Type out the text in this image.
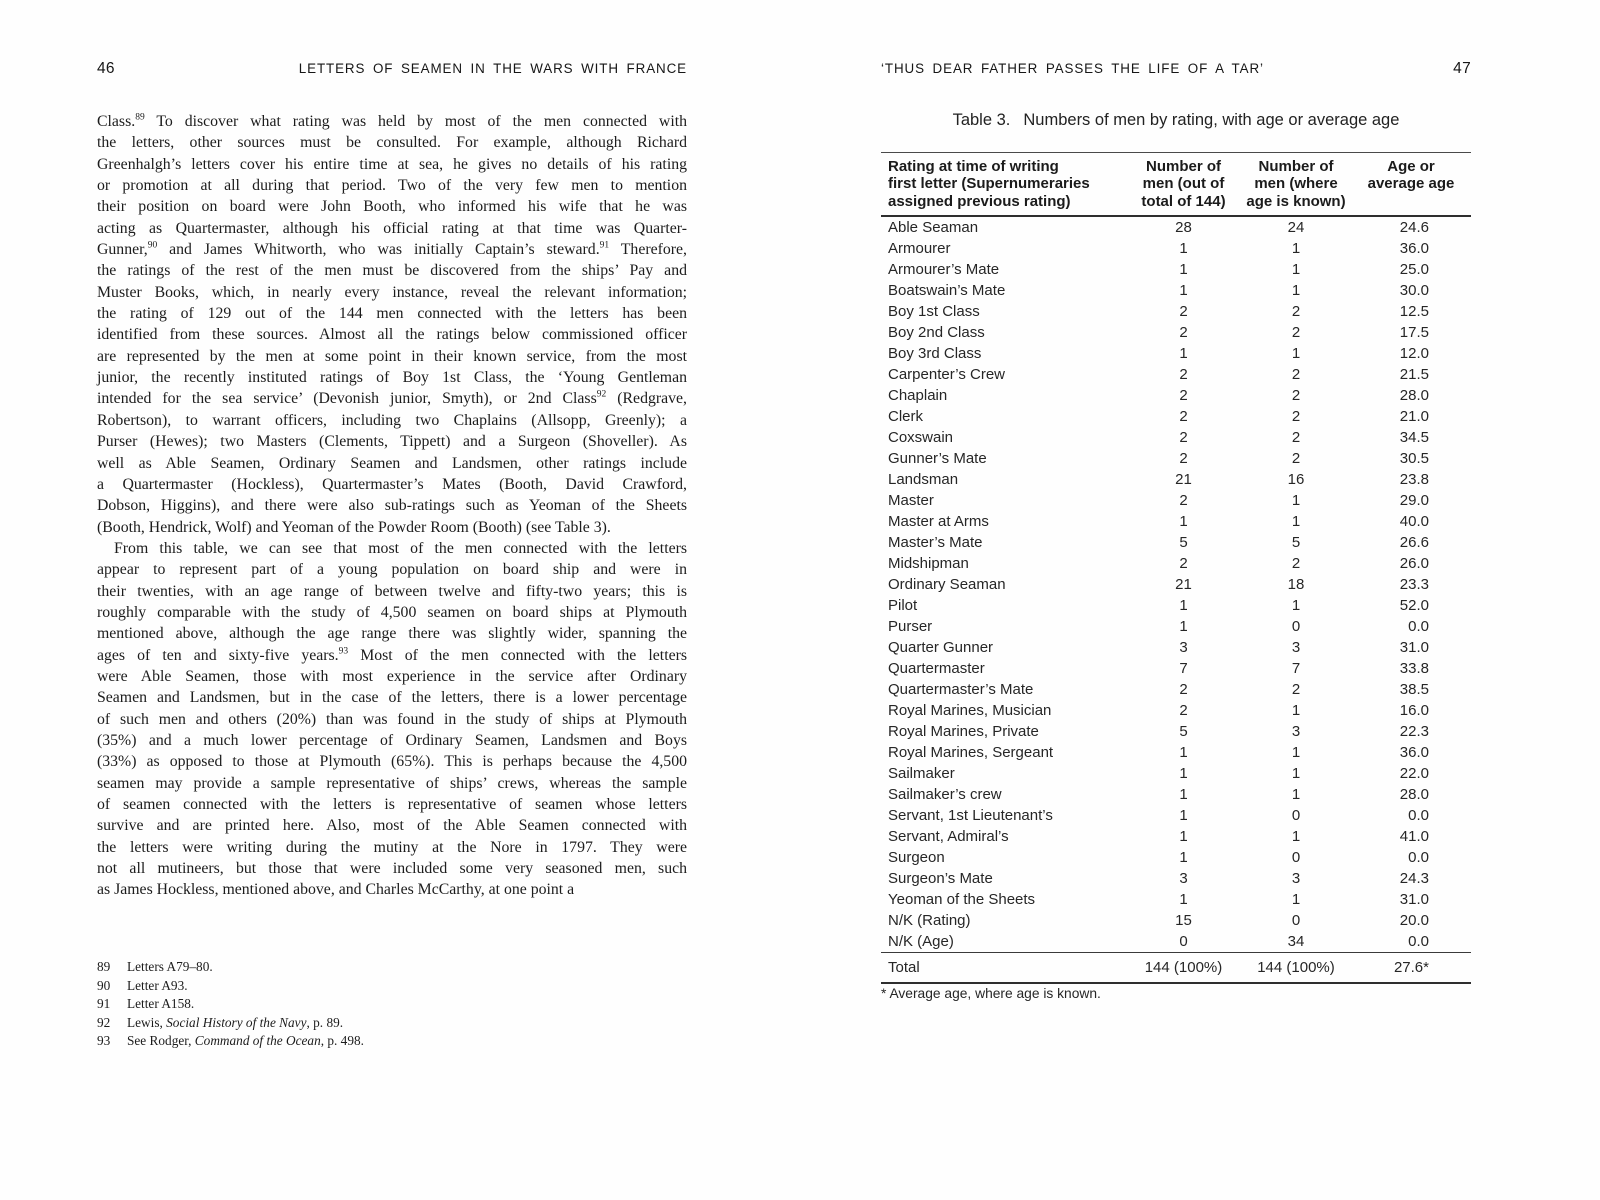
46	LETTERS OF SEAMEN IN THE WARS WITH FRANCE
Class.$^{89}$ To discover what rating was held by most of the men connected with
the letters, other sources must be consulted. For example, although Richard
Greenhalgh’s letters cover his entire time at sea, he gives no details of his rating
or promotion at all during that period. Two of the very few men to mention
their position on board were John Booth, who informed his wife that he was
acting as Quartermaster, although his official rating at that time was Quarter-
Gunner,$^{90}$ and James Whitworth, who was initially Captain’s steward.$^{91}$ Therefore,
the ratings of the rest of the men must be discovered from the ships’ Pay and
Muster Books, which, in nearly every instance, reveal the relevant information;
the rating of 129 out of the 144 men connected with the letters has been
identified from these sources. Almost all the ratings below commissioned officer
are represented by the men at some point in their known service, from the most
junior, the recently instituted ratings of Boy 1st Class, the ‘Young Gentleman
intended for the sea service’ (Devonish junior, Smyth), or 2nd Class$^{92}$ (Redgrave,
Robertson), to warrant officers, including two Chaplains (Allsopp, Greenly); a
Purser (Hewes); two Masters (Clements, Tippett) and a Surgeon (Shoveller). As
well as Able Seamen, Ordinary Seamen and Landsmen, other ratings include
a Quartermaster (Hockless), Quartermaster’s Mates (Booth, David Crawford,
Dobson, Higgins), and there were also sub-ratings such as Yeoman of the Sheets
(Booth, Hendrick, Wolf) and Yeoman of the Powder Room (Booth) (see Table 3).
From this table, we can see that most of the men connected with the letters
appear to represent part of a young population on board ship and were in
their twenties, with an age range of between twelve and fifty-two years; this is
roughly comparable with the study of 4,500 seamen on board ships at Plymouth
mentioned above, although the age range there was slightly wider, spanning the
ages of ten and sixty-five years.$^{93}$ Most of the men connected with the letters
were Able Seamen, those with most experience in the service after Ordinary
Seamen and Landsmen, but in the case of the letters, there is a lower percentage
of such men and others (20%) than was found in the study of ships at Plymouth
(35%) and a much lower percentage of Ordinary Seamen, Landsmen and Boys
(33%) as opposed to those at Plymouth (65%). This is perhaps because the 4,500
seamen may provide a sample representative of ships’ crews, whereas the sample
of seamen connected with the letters is representative of seamen whose letters
survive and are printed here. Also, most of the Able Seamen connected with
the letters were writing during the mutiny at the Nore in 1797. They were
not all mutineers, but those that were included some very seasoned men, such
as James Hockless, mentioned above, and Charles McCarthy, at one point a
89	Letters A79–80.
90	Letter A93.
91	Letter A158.
92	Lewis, Social History of the Navy, p. 89.
93	See Rodger, Command of the Ocean, p. 498.
‘THUS DEAR FATHER PASSES THE LIFE OF A TAR’	47
Table 3. Numbers of men by rating, with age or average age
Rating at time of writing
first letter (Supernumeraries
assigned previous rating)
Number of
men (out of
total of 144)
Number of
men (where
age is known)
Age or
average age
Able Seaman	28	24	24.6
Armourer	1	1	36.0
Armourer’s Mate	1	1	25.0
Boatswain’s Mate	1	1	30.0
Boy 1st Class	2	2	12.5
Boy 2nd Class	2	2	17.5
Boy 3rd Class	1	1	12.0
Carpenter’s Crew	2	2	21.5
Chaplain	2	2	28.0
Clerk	2	2	21.0
Coxswain	2	2	34.5
Gunner’s Mate	2	2	30.5
Landsman	21	16	23.8
Master	2	1	29.0
Master at Arms	1	1	40.0
Master’s Mate	5	5	26.6
Midshipman	2	2	26.0
Ordinary Seaman	21	18	23.3
Pilot	1	1	52.0
Purser	1	0	0.0
Quarter Gunner	3	3	31.0
Quartermaster	7	7	33.8
Quartermaster’s Mate	2	2	38.5
Royal Marines, Musician	2	1	16.0
Royal Marines, Private	5	3	22.3
Royal Marines, Sergeant	1	1	36.0
Sailmaker	1	1	22.0
Sailmaker’s crew	1	1	28.0
Servant, 1st Lieutenant’s	1	0	0.0
Servant, Admiral’s	1	1	41.0
Surgeon	1	0	0.0
Surgeon’s Mate	3	3	24.3
Yeoman of the Sheets	1	1	31.0
N/K (Rating)	15	0	20.0
N/K (Age)	0	34	0.0
Total	144 (100%)	144 (100%)	27.6*
* Average age, where age is known.
